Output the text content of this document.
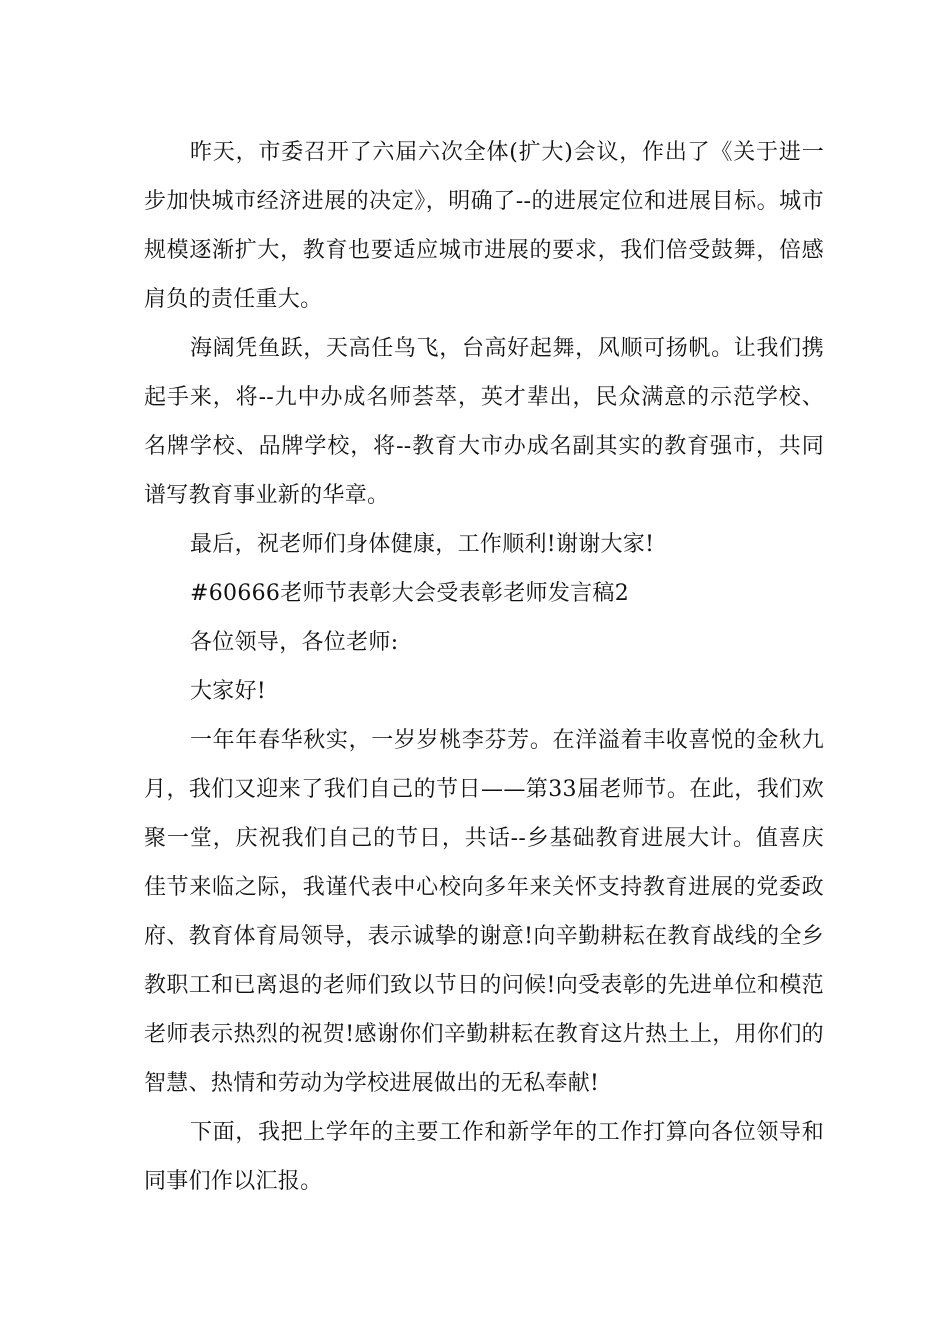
昨天，市委召开了六届六次全体(扩大)会议，作出了《关于进一步加快城市经济进展的决定》，明确了--的进展定位和进展目标。城市规模逐渐扩大，教育也要适应城市进展的要求，我们倍受鼓舞，倍感肩负的责任重大。

海阔凭鱼跃，天高任鸟飞，台高好起舞，风顺可扬帆。让我们携起手来，将--九中办成名师荟萃，英才辈出，民众满意的示范学校、名牌学校、品牌学校，将--教育大市办成名副其实的教育强市，共同谱写教育事业新的华章。

最后，祝老师们身体健康，工作顺利!谢谢大家!

#60666老师节表彰大会受表彰老师发言稿2

各位领导，各位老师:

大家好!

一年年春华秋实，一岁岁桃李芬芳。在洋溢着丰收喜悦的金秋九月，我们又迎来了我们自己的节日——第33届老师节。在此，我们欢聚一堂，庆祝我们自己的节日，共话--乡基础教育进展大计。值喜庆佳节来临之际，我谨代表中心校向多年来关怀支持教育进展的党委政府、教育体育局领导，表示诚挚的谢意!向辛勤耕耘在教育战线的全乡教职工和已离退的老师们致以节日的问候!向受表彰的先进单位和模范老师表示热烈的祝贺!感谢你们辛勤耕耘在教育这片热土上，用你们的智慧、热情和劳动为学校进展做出的无私奉献!

下面，我把上学年的主要工作和新学年的工作打算向各位领导和同事们作以汇报。
